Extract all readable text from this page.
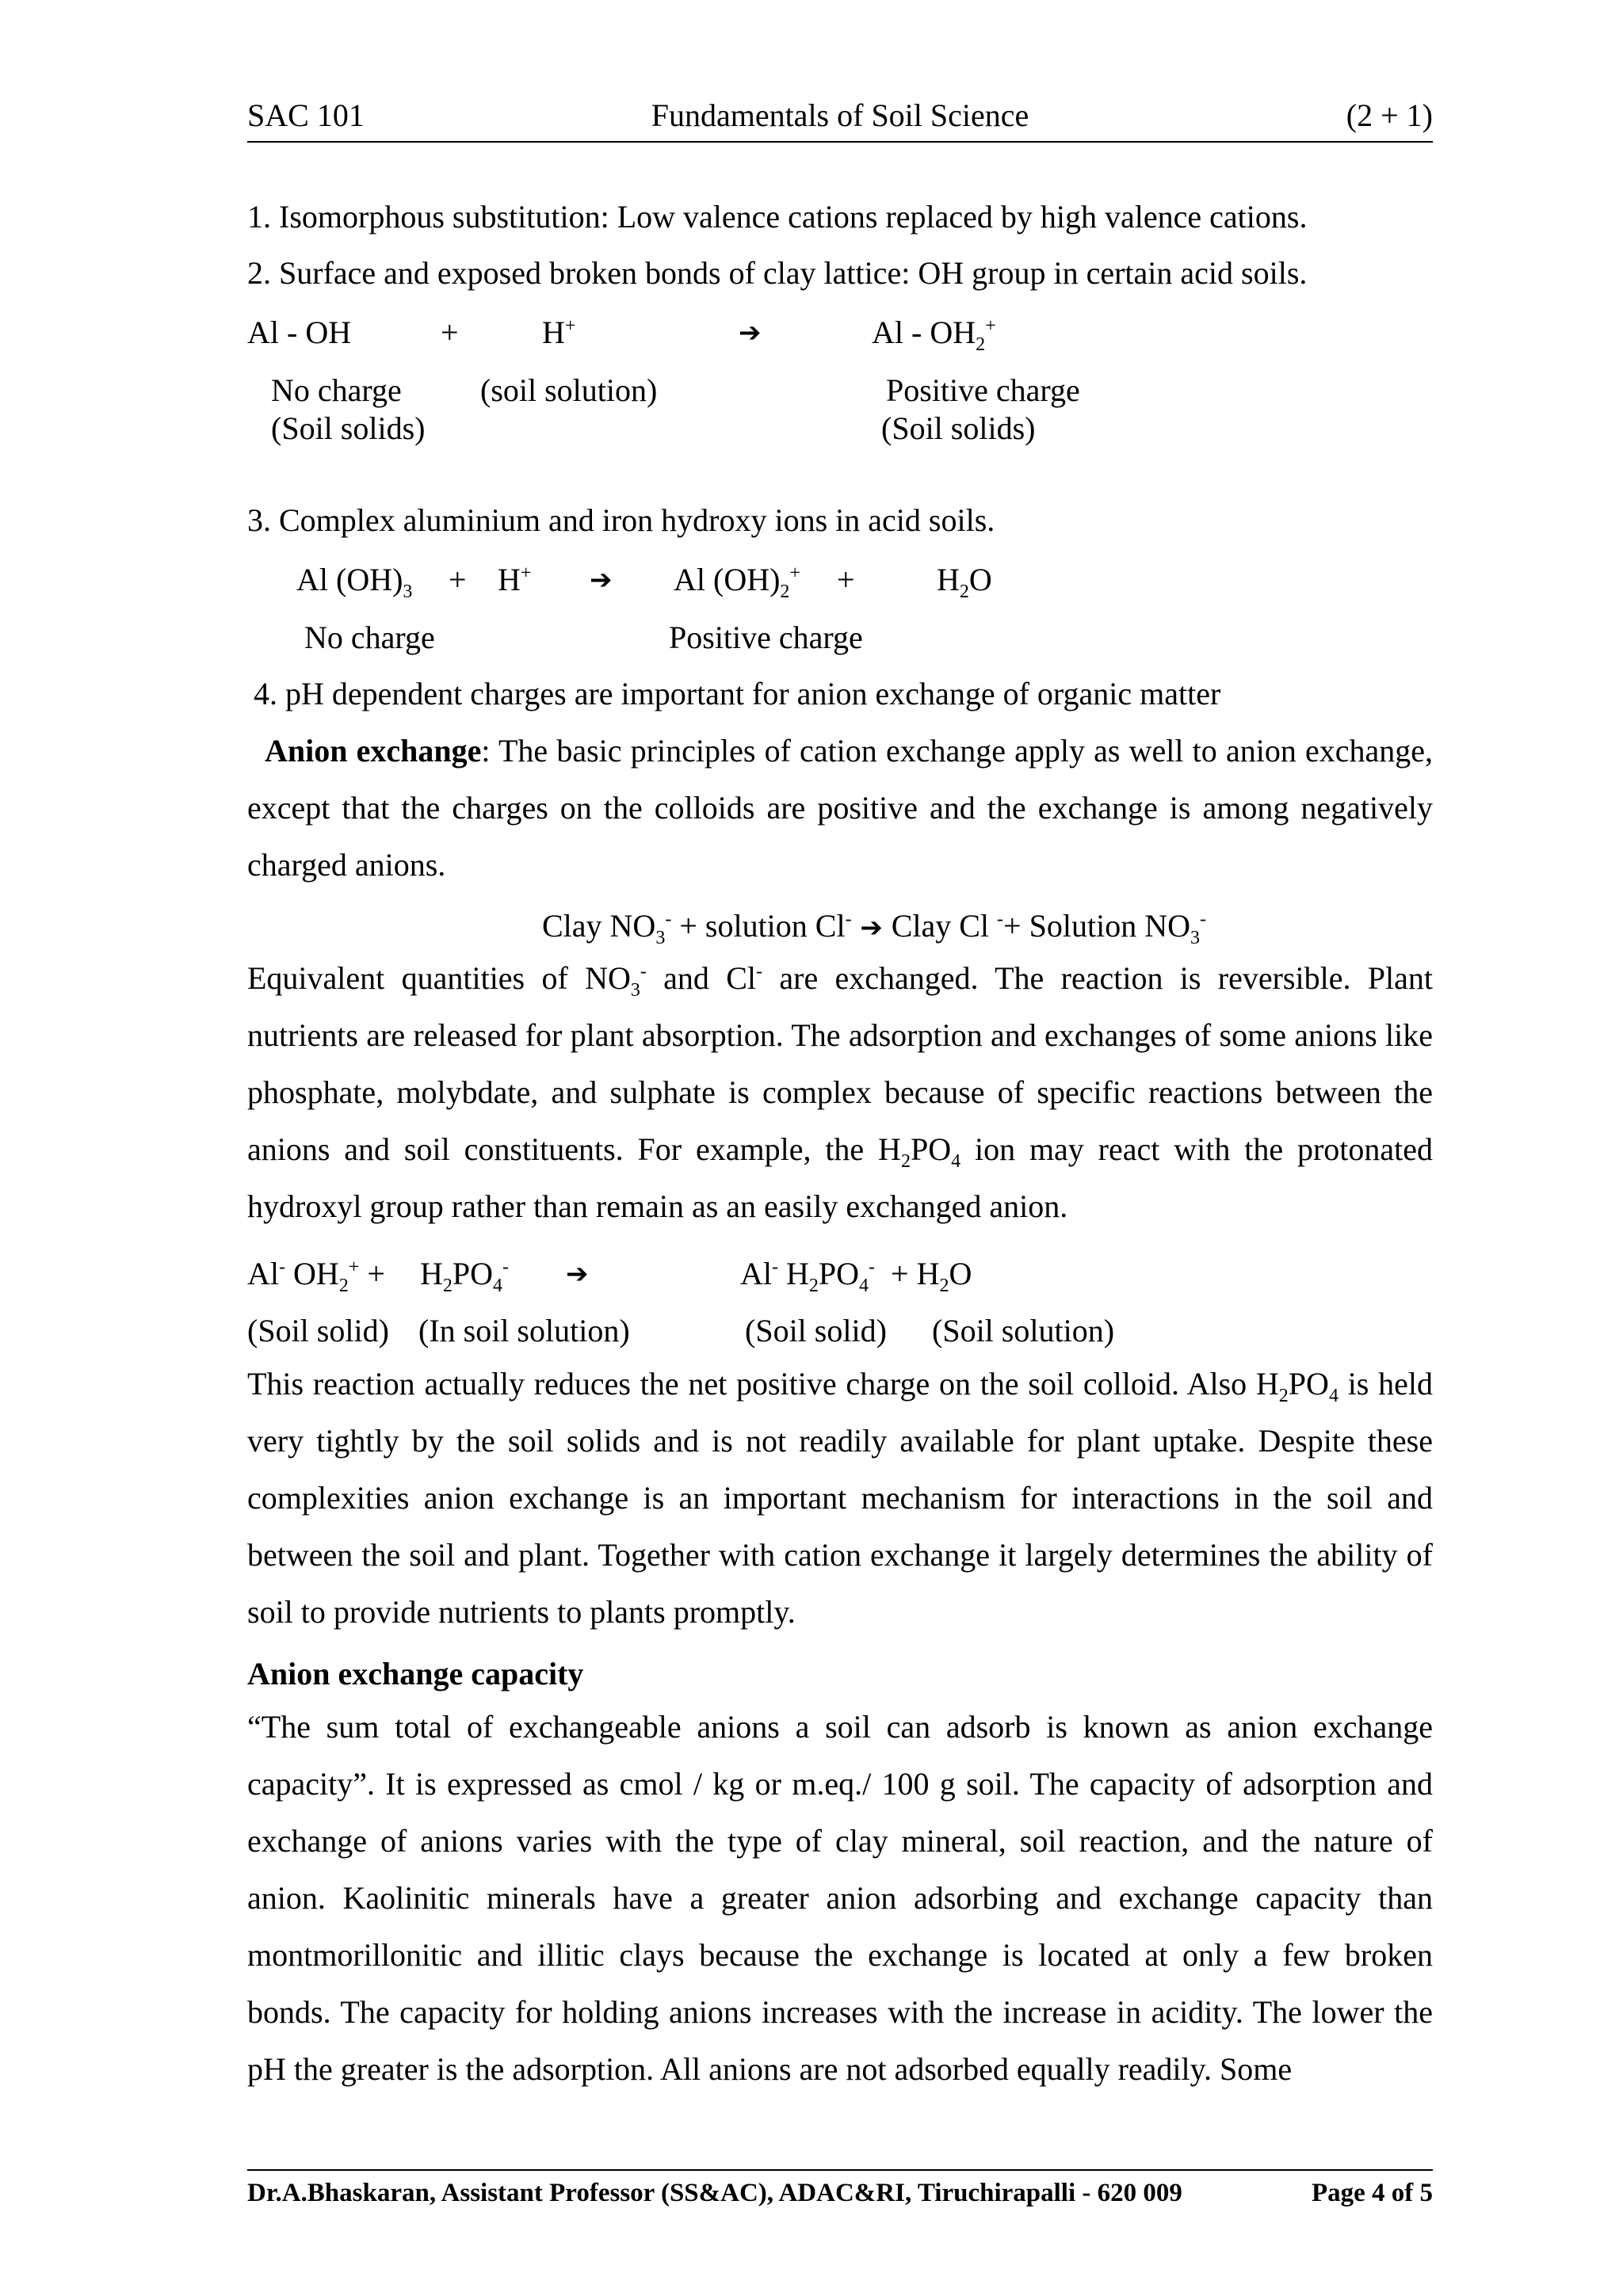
SAC 101	Fundamentals of Soil Science	(2 + 1)
1. Isomorphous substitution: Low valence cations replaced by high valence cations.
2. Surface and exposed broken bonds of clay lattice: OH group in certain acid soils.
Al - OH	+	H+	➔	Al - $OH_2^+$
No charge
(Soil solids)
(soil solution)	Positive charge
(Soil solids)
3. Complex aluminium and iron hydroxy ions in acid soils.
Al $(OH)_3 + H^+$ ➔ Al $(OH)_2^+$ +	$H_2O$
No charge	Positive charge
4. pH dependent charges are important for anion exchange of organic matter
Anion exchange: The basic principles of cation exchange apply as well to anion exchange, except that the charges on the colloids are positive and the exchange is among negatively charged anions.
Clay $NO_3^-$ + solution Cl- ➔ Clay Cl -+ Solution $NO_3^-$
Equivalent quantities of $NO_3^-$ and Cl- are exchanged. The reaction is reversible. Plant nutrients are released for plant absorption. The adsorption and exchanges of some anions like phosphate, molybdate, and sulphate is complex because of specific reactions between the anions and soil constituents. For example, the $H_2PO_4$ ion may react with the protonated hydroxyl group rather than remain as an easily exchanged anion.
Al- $OH_2^+ + H_2PO_4^-$ ➔	Al- $H_2PO_4^- + H_2O$
(Soil solid) (In soil solution)	(Soil solid) (Soil solution)
This reaction actually reduces the net positive charge on the soil colloid. Also $H_2PO_4$ is held very tightly by the soil solids and is not readily available for plant uptake. Despite these complexities anion exchange is an important mechanism for interactions in the soil and between the soil and plant. Together with cation exchange it largely determines the ability of soil to provide nutrients to plants promptly.
Anion exchange capacity
“The sum total of exchangeable anions a soil can adsorb is known as anion exchange capacity”. It is expressed as cmol / kg or m.eq./ 100 g soil. The capacity of adsorption and exchange of anions varies with the type of clay mineral, soil reaction, and the nature of anion. Kaolinitic minerals have a greater anion adsorbing and exchange capacity than montmorillonitic and illitic clays because the exchange is located at only a few broken bonds. The capacity for holding anions increases with the increase in acidity. The lower the pH the greater is the adsorption. All anions are not adsorbed equally readily. Some
Dr.A.Bhaskaran, Assistant Professor (SS&AC), ADAC&RI, Tiruchirapalli - 620 009	Page 4 of 5
